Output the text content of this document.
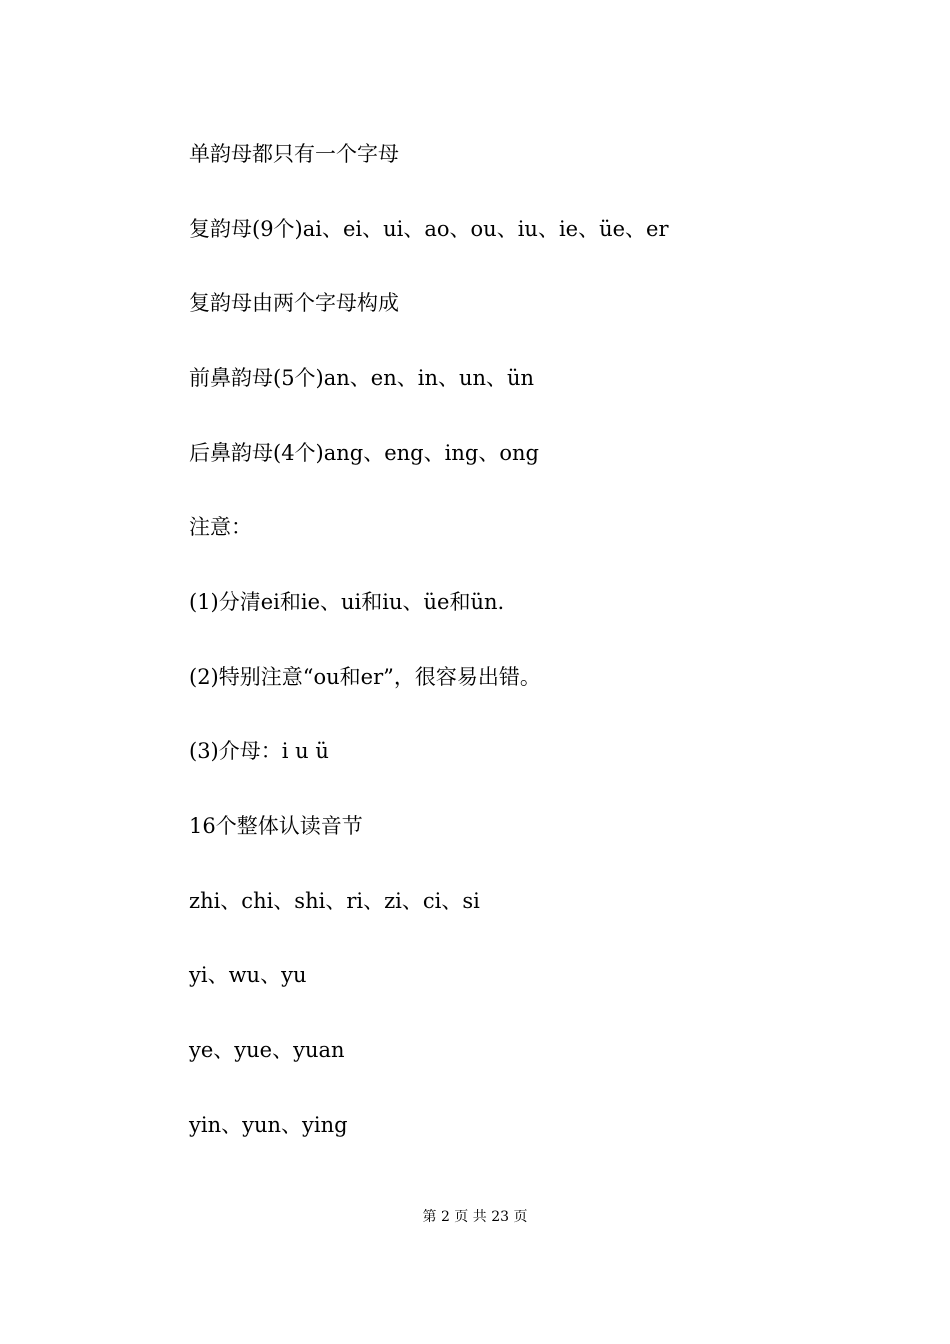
单韵母都只有一个字母
复韵母(9个)ai、ei、ui、ao、ou、iu、ie、üe、er
复韵母由两个字母构成
前鼻韵母(5个)an、en、in、un、ün
后鼻韵母(4个)ang、eng、ing、ong
注意：
(1)分清ei和ie、ui和iu、üe和ün.
(2)特别注意“ou和er”，很容易出错。
(3)介母：i u ü
16个整体认读音节
zhi、chi、shi、ri、zi、ci、si
yi、wu、yu
ye、yue、yuan
yin、yun、ying
第 2 页 共 23 页
